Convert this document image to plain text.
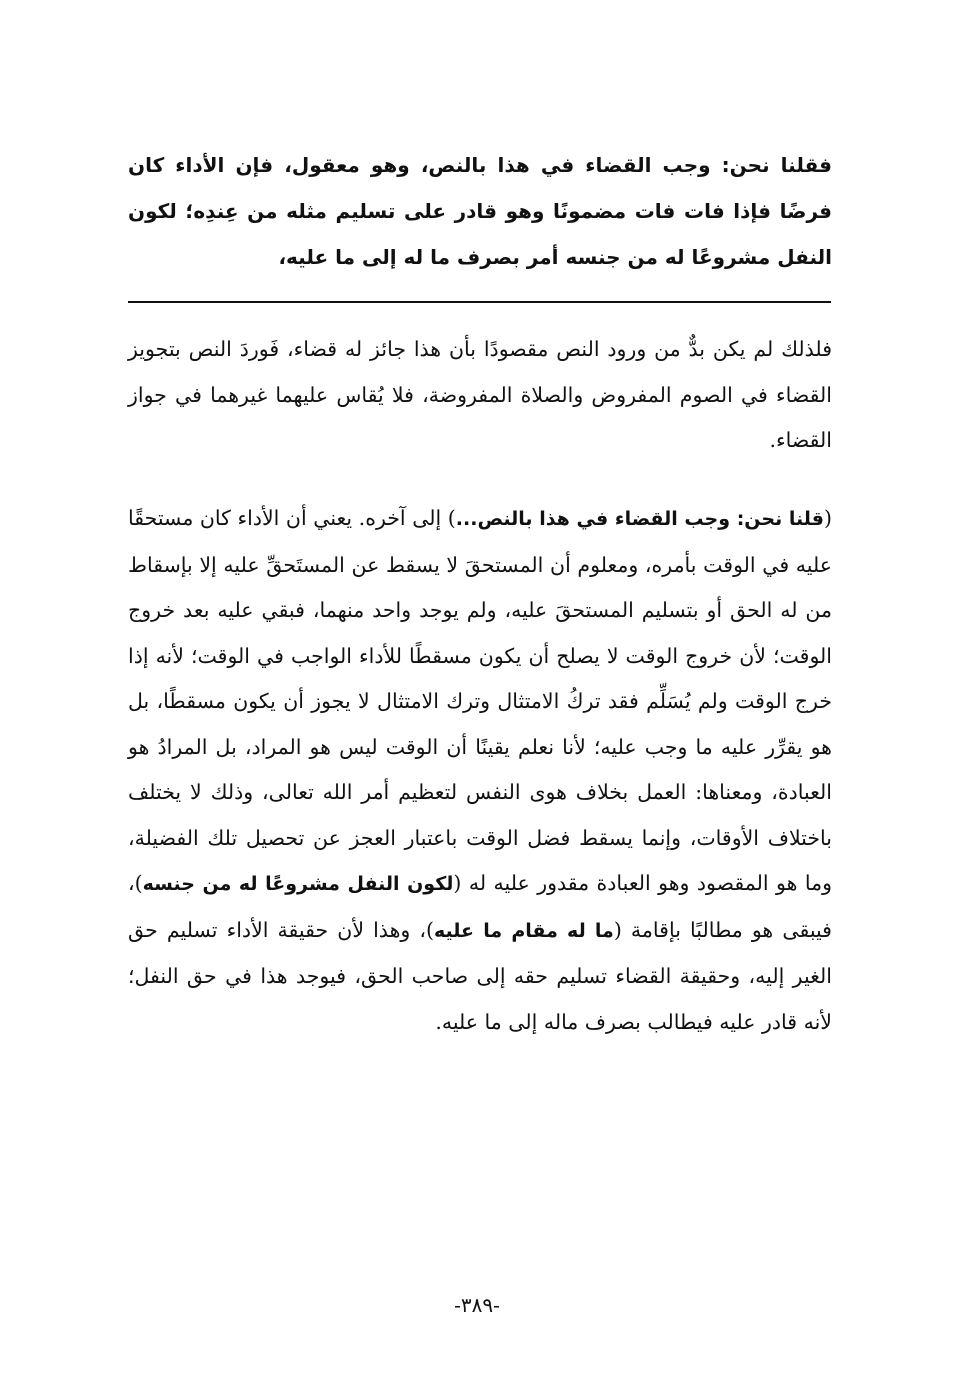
فقلنا نحن: وجب القضاء في هذا بالنص، وهو معقول، فإن الأداء كان فرضًا فإذا فات فات مضمونًا وهو قادر على تسليم مثله من عِندِه؛ لكون النفل مشروعًا له من جنسه أمر بصرف ما له إلى ما عليه،

فلذلك لم يكن بدٌّ من ورود النص مقصودًا بأن هذا جائز له قضاء، فَوردَ النص بتجويز القضاء في الصوم المفروض والصلاة المفروضة، فلا يُقاس عليهما غيرهما في جواز القضاء.

(قلنا نحن: وجب القضاء في هذا بالنص...) إلى آخره. يعني أن الأداء كان مستحقًا عليه في الوقت بأمره، ومعلوم أن المستحقَ لا يسقط عن المستَحقِّ عليه إلا بإسقاط من له الحق أو بتسليم المستحقَ عليه، ولم يوجد واحد منهما، فبقي عليه بعد خروج الوقت؛ لأن خروج الوقت لا يصلح أن يكون مسقطًا للأداء الواجب في الوقت؛ لأنه إذا خرج الوقت ولم يُسَلِّم فقد تركُ الامتثال وترك الامتثال لا يجوز أن يكون مسقطًا، بل هو يقرِّر عليه ما وجب عليه؛ لأنا نعلم يقينًا أن الوقت ليس هو المراد، بل المرادُ هو العبادة، ومعناها: العمل بخلاف هوى النفس لتعظيم أمر الله تعالى، وذلك لا يختلف باختلاف الأوقات، وإنما يسقط فضل الوقت باعتبار العجز عن تحصيل تلك الفضيلة، وما هو المقصود وهو العبادة مقدور عليه له (لكون النفل مشروعًا له من جنسه)، فيبقى هو مطالبًا بإقامة (ما له مقام ما عليه)، وهذا لأن حقيقة الأداء تسليم حق الغير إليه، وحقيقة القضاء تسليم حقه إلى صاحب الحق، فيوجد هذا في حق النفل؛ لأنه قادر عليه فيطالب بصرف ماله إلى ما عليه.

-٣٨٩-
